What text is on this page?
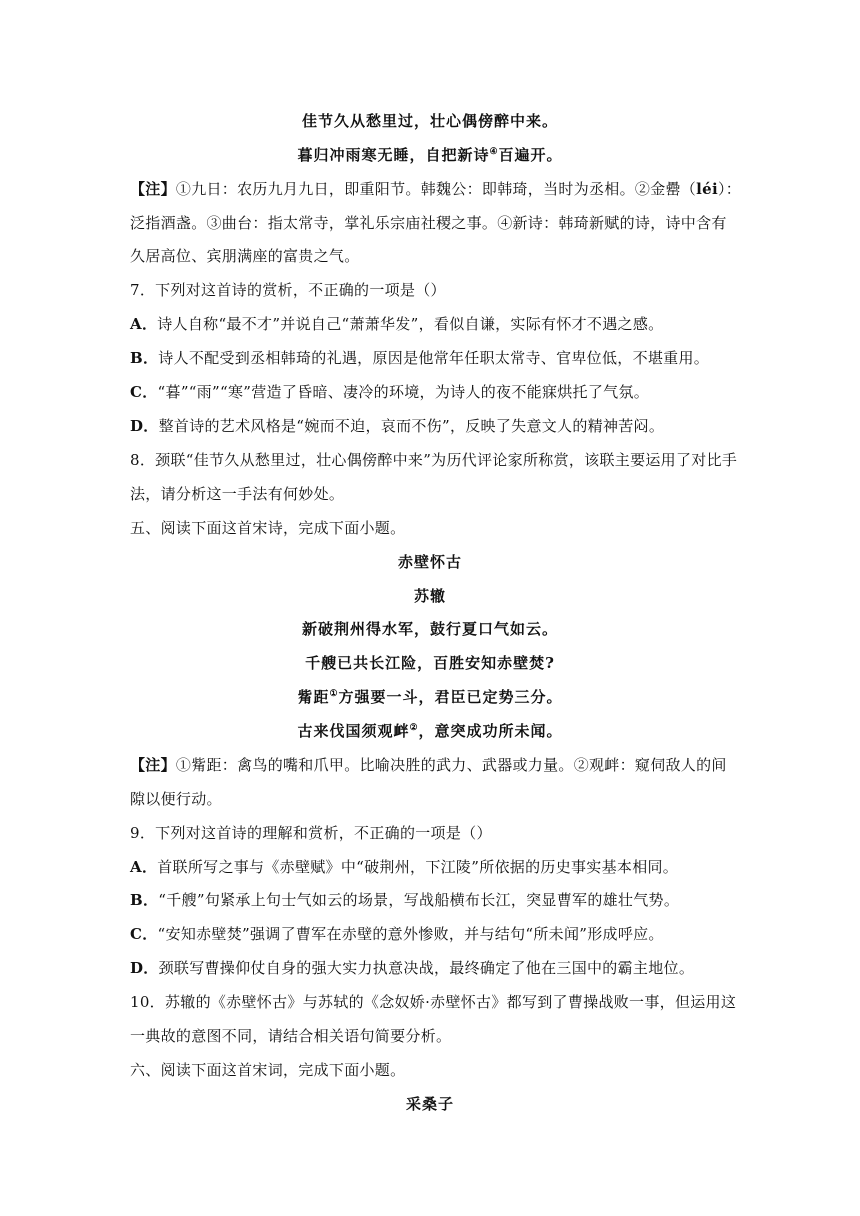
佳节久从愁里过，壮心偶傍醉中来。
暮归冲雨寒无睡，自把新诗④百遍开。
【注】①九日：农历九月九日，即重阳节。韩魏公：即韩琦，当时为丞相。②金罍（léi）：
泛指酒盏。③曲台：指太常寺，掌礼乐宗庙社稷之事。④新诗：韩琦新赋的诗，诗中含有
久居高位、宾朋满座的富贵之气。
7．下列对这首诗的赏析，不正确的一项是（）
A．诗人自称“最不才”并说自己“萧萧华发”，看似自谦，实际有怀才不遇之感。
B．诗人不配受到丞相韩琦的礼遇，原因是他常年任职太常寺、官卑位低，不堪重用。
C．“暮”“雨”“寒”营造了昏暗、凄冷的环境，为诗人的夜不能寐烘托了气氛。
D．整首诗的艺术风格是“婉而不迫，哀而不伤”，反映了失意文人的精神苦闷。
8．颈联“佳节久从愁里过，壮心偶傍醉中来”为历代评论家所称赏，该联主要运用了对比手
法，请分析这一手法有何妙处。
五、阅读下面这首宋诗，完成下面小题。
赤壁怀古
苏辙
新破荆州得水军，鼓行夏口气如云。
千艘已共长江险，百胜安知赤壁焚?
觜距①方强要一斗，君臣已定势三分。
古来伐国须观衅②，意突成功所未闻。
【注】①觜距：禽鸟的嘴和爪甲。比喻决胜的武力、武器或力量。②观衅：窥伺敌人的间
隙以便行动。
9．下列对这首诗的理解和赏析，不正确的一项是（）
A．首联所写之事与《赤壁赋》中“破荆州，下江陵”所依据的历史事实基本相同。
B．“千艘”句紧承上句士气如云的场景，写战船横布长江，突显曹军的雄壮气势。
C．“安知赤壁焚”强调了曹军在赤壁的意外惨败，并与结句“所未闻”形成呼应。
D．颈联写曹操仰仗自身的强大实力执意决战，最终确定了他在三国中的霸主地位。
10．苏辙的《赤壁怀古》与苏轼的《念奴娇·赤壁怀古》都写到了曹操战败一事，但运用这
一典故的意图不同，请结合相关语句简要分析。
六、阅读下面这首宋词，完成下面小题。
采桑子
